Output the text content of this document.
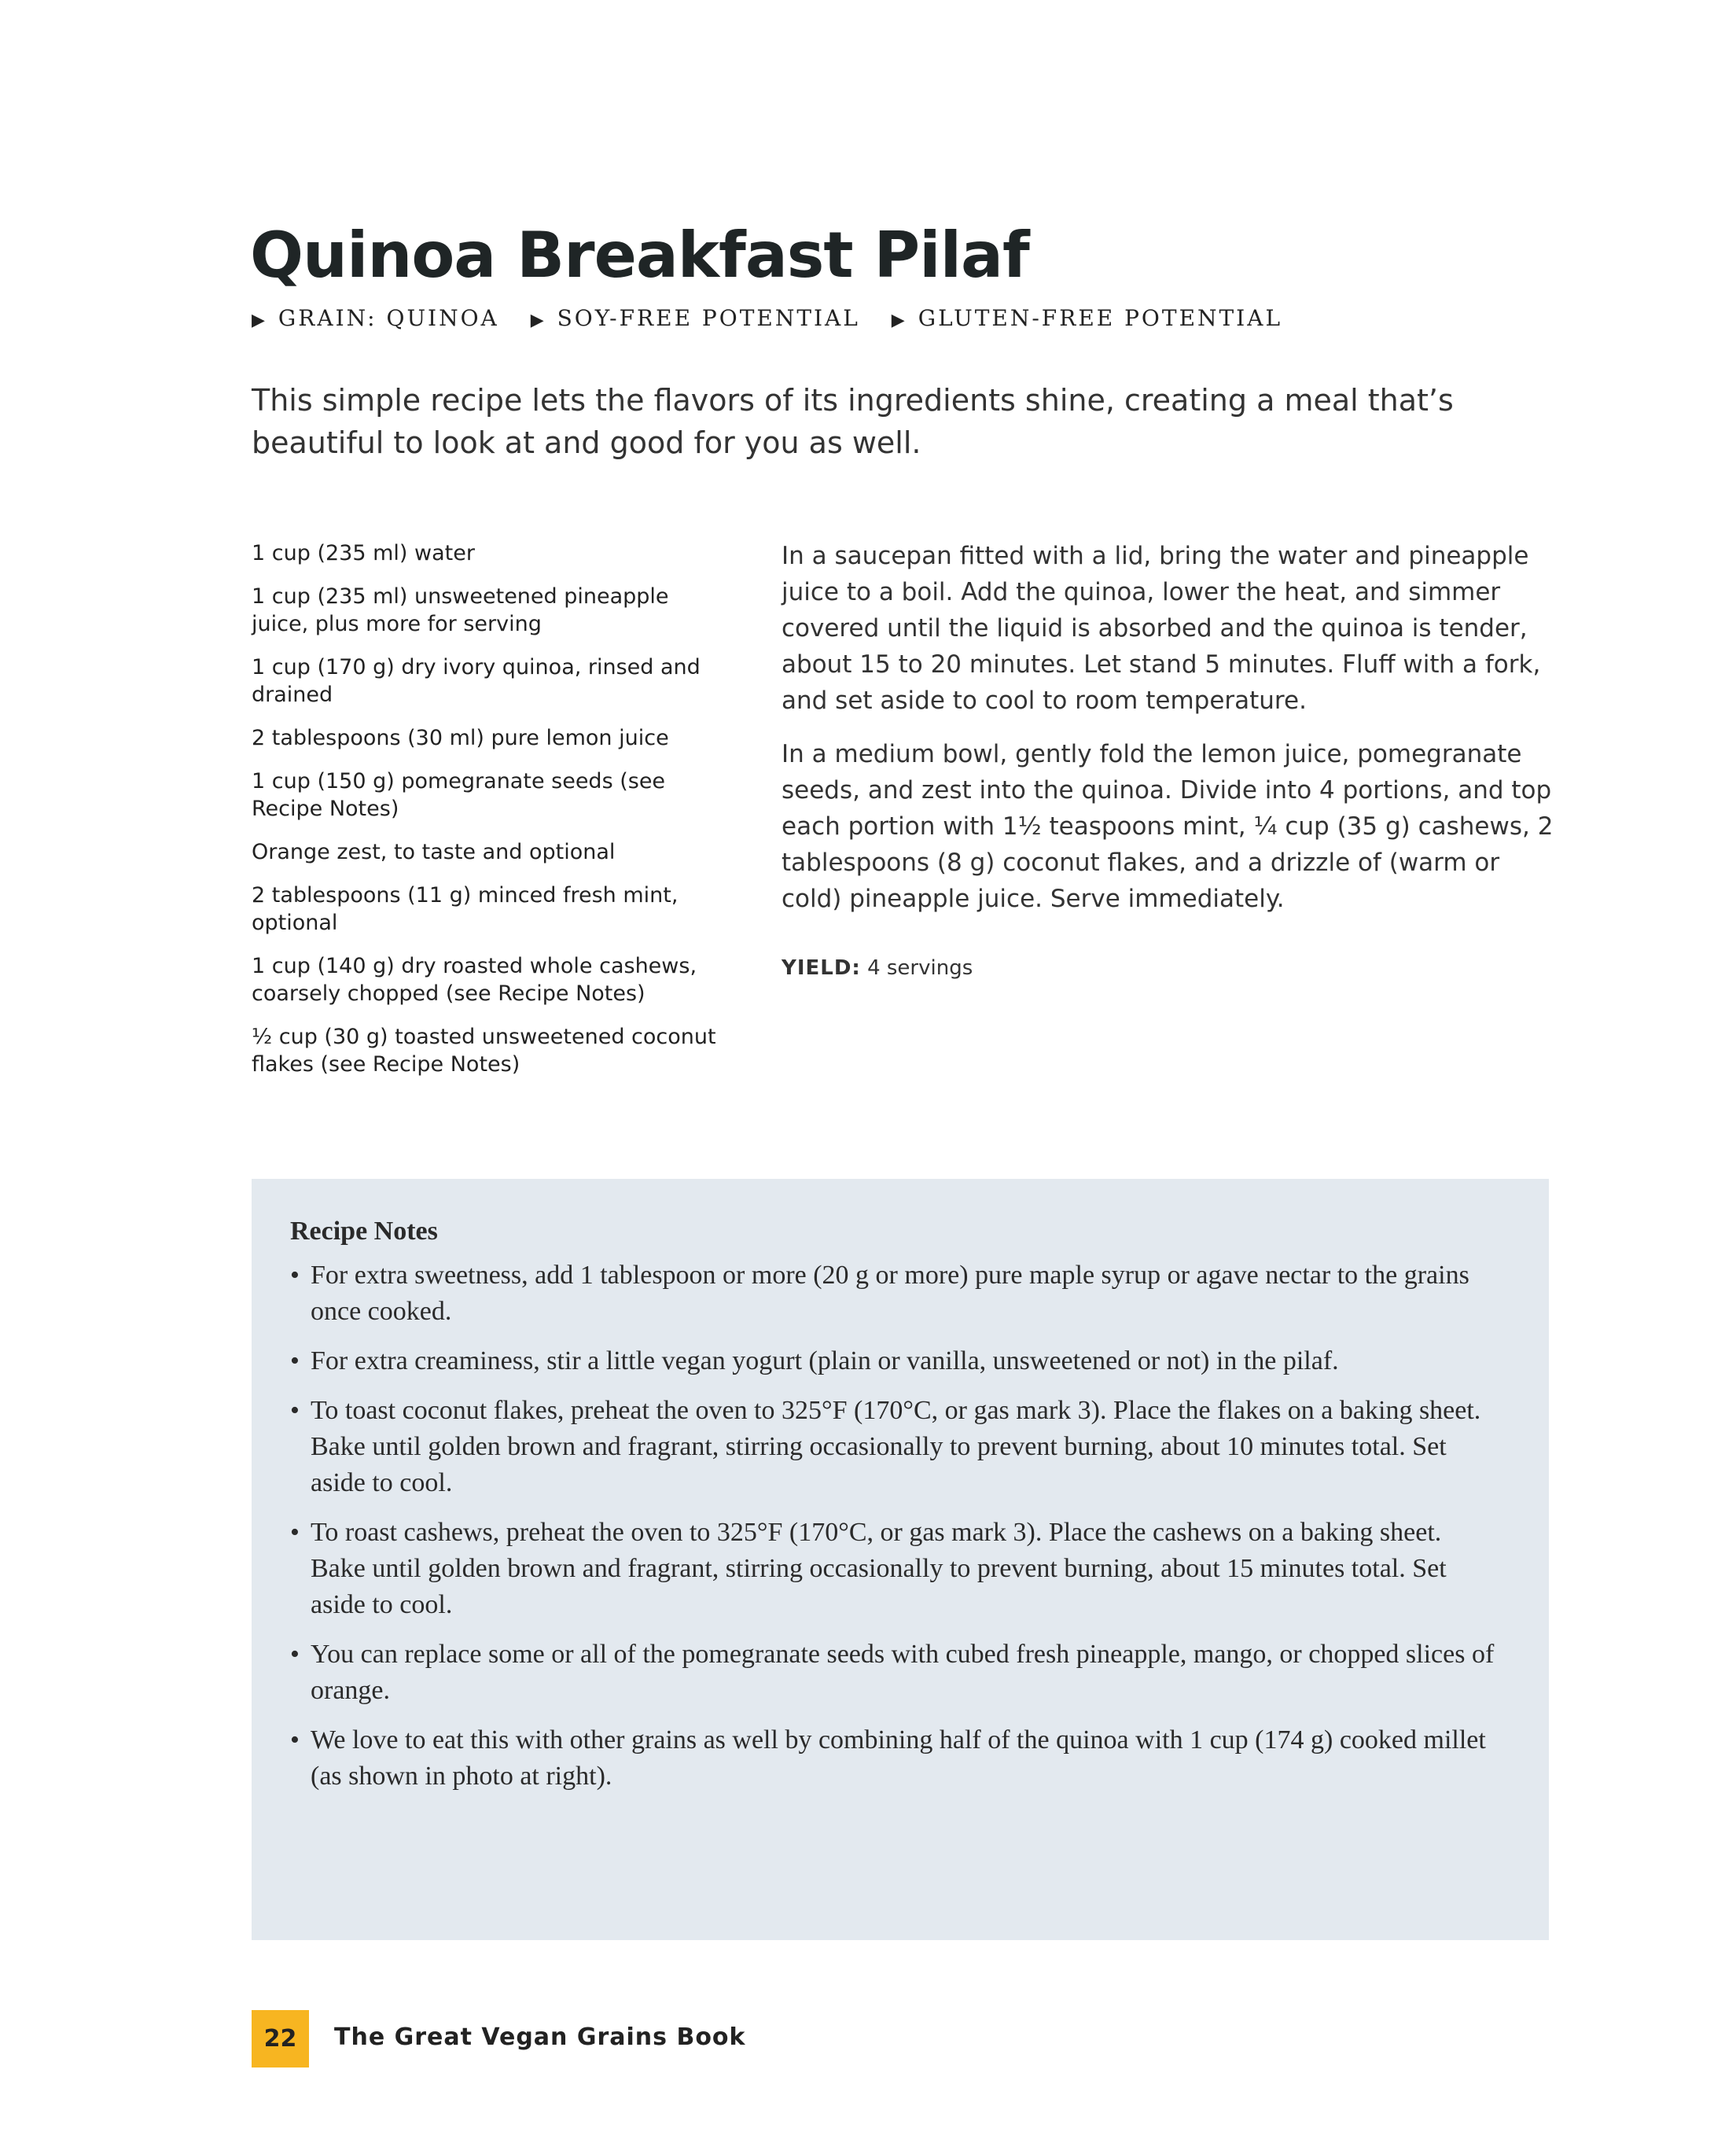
Quinoa Breakfast Pilaf
▶ GRAIN: QUINOA ▶ SOY-FREE POTENTIAL ▶ GLUTEN-FREE POTENTIAL

This simple recipe lets the flavors of its ingredients shine, creating a meal that’s beautiful to look at and good for you as well.

1 cup (235 ml) water
1 cup (235 ml) unsweetened pineapple juice, plus more for serving
1 cup (170 g) dry ivory quinoa, rinsed and drained
2 tablespoons (30 ml) pure lemon juice
1 cup (150 g) pomegranate seeds (see Recipe Notes)
Orange zest, to taste and optional
2 tablespoons (11 g) minced fresh mint, optional
1 cup (140 g) dry roasted whole cashews, coarsely chopped (see Recipe Notes)
½ cup (30 g) toasted unsweetened coconut flakes (see Recipe Notes)

In a saucepan fitted with a lid, bring the water and pineapple juice to a boil. Add the quinoa, lower the heat, and simmer covered until the liquid is absorbed and the quinoa is tender, about 15 to 20 minutes. Let stand 5 minutes. Fluff with a fork, and set aside to cool to room temperature.

In a medium bowl, gently fold the lemon juice, pomegranate seeds, and zest into the quinoa. Divide into 4 portions, and top each portion with 1½ teaspoons mint, ¼ cup (35 g) cashews, 2 tablespoons (8 g) coconut flakes, and a drizzle of (warm or cold) pineapple juice. Serve immediately.

YIELD: 4 servings
Recipe Notes
• For extra sweetness, add 1 tablespoon or more (20 g or more) pure maple syrup or agave nectar to the grains once cooked.
• For extra creaminess, stir a little vegan yogurt (plain or vanilla, unsweetened or not) in the pilaf.
• To toast coconut flakes, preheat the oven to 325°F (170°C, or gas mark 3). Place the flakes on a baking sheet. Bake until golden brown and fragrant, stirring occasionally to prevent burning, about 10 minutes total. Set aside to cool.
• To roast cashews, preheat the oven to 325°F (170°C, or gas mark 3). Place the cashews on a baking sheet. Bake until golden brown and fragrant, stirring occasionally to prevent burning, about 15 minutes total. Set aside to cool.
• You can replace some or all of the pomegranate seeds with cubed fresh pineapple, mango, or chopped slices of orange.
• We love to eat this with other grains as well by combining half of the quinoa with 1 cup (174 g) cooked millet (as shown in photo at right).
22	The Great Vegan Grains Book
